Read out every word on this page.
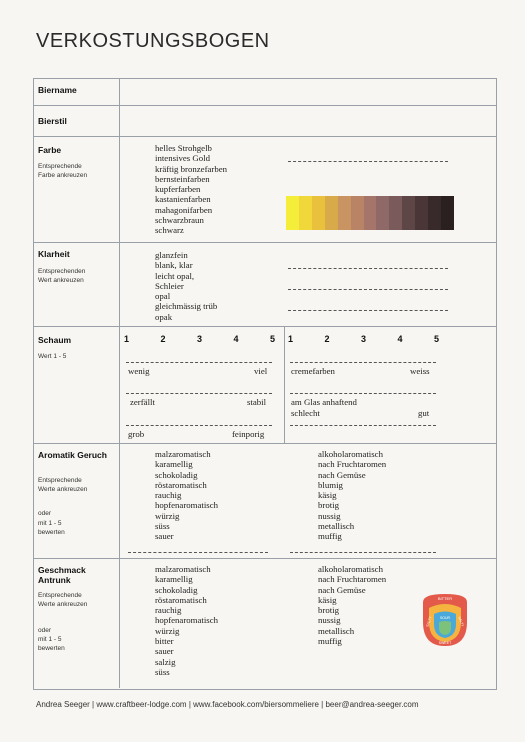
VERKOSTUNGSBOGEN
Biername
Bierstil
Farbe
Entsprechende Farbe ankreuzen
helles Strohgelb
intensives Gold
kräftig bronzefarben
bernsteinfarben
kupferfarben
kastanienfarben
mahagonifarben
schwarzbraun
schwarz
Klarheit
Entsprechenden Wert ankreuzen
glanzfein
blank, klar
leicht opal,
Schleier
opal
gleichmässig trüb
opak
Schaum
Wert 1 - 5
1	2	3	4	5 1	2	3	4	5
wenig	viel
zerfällt	stabil
grob	feinporig
cremefarben	weiss
am Glas anhaftend
schlecht	gut
Aromatik Geruch
Entsprechende Werte ankreuzen
oder
mit 1 - 5 bewerten
malzaromatisch
karamellig
schokoladig
röstaromatisch
rauchig
hopfenaromatisch
würzig
süss
sauer
alkoholaromatisch
nach Fruchtaromen
nach Gemüse
blumig
käsig
brotig
nussig
metallisch
muffig
Geschmack Antrunk
Entsprechende Werte ankreuzen
oder
mit 1 - 5 bewerten
malzaromatisch
karamellig
schokoladig
röstaromatisch
rauchig
hopfenaromatisch
würzig
bitter
sauer
salzig
süss
alkoholaromatisch
nach Fruchtaromen
nach Gemüse
käsig
brotig
nussig
metallisch
muffig
BITTER
SALTY	SALTY
SOUR
SWEET
Andrea Seeger | www.craftbeer-lodge.com | www.facebook.com/biersommeliere | beer@andrea-seeger.com
